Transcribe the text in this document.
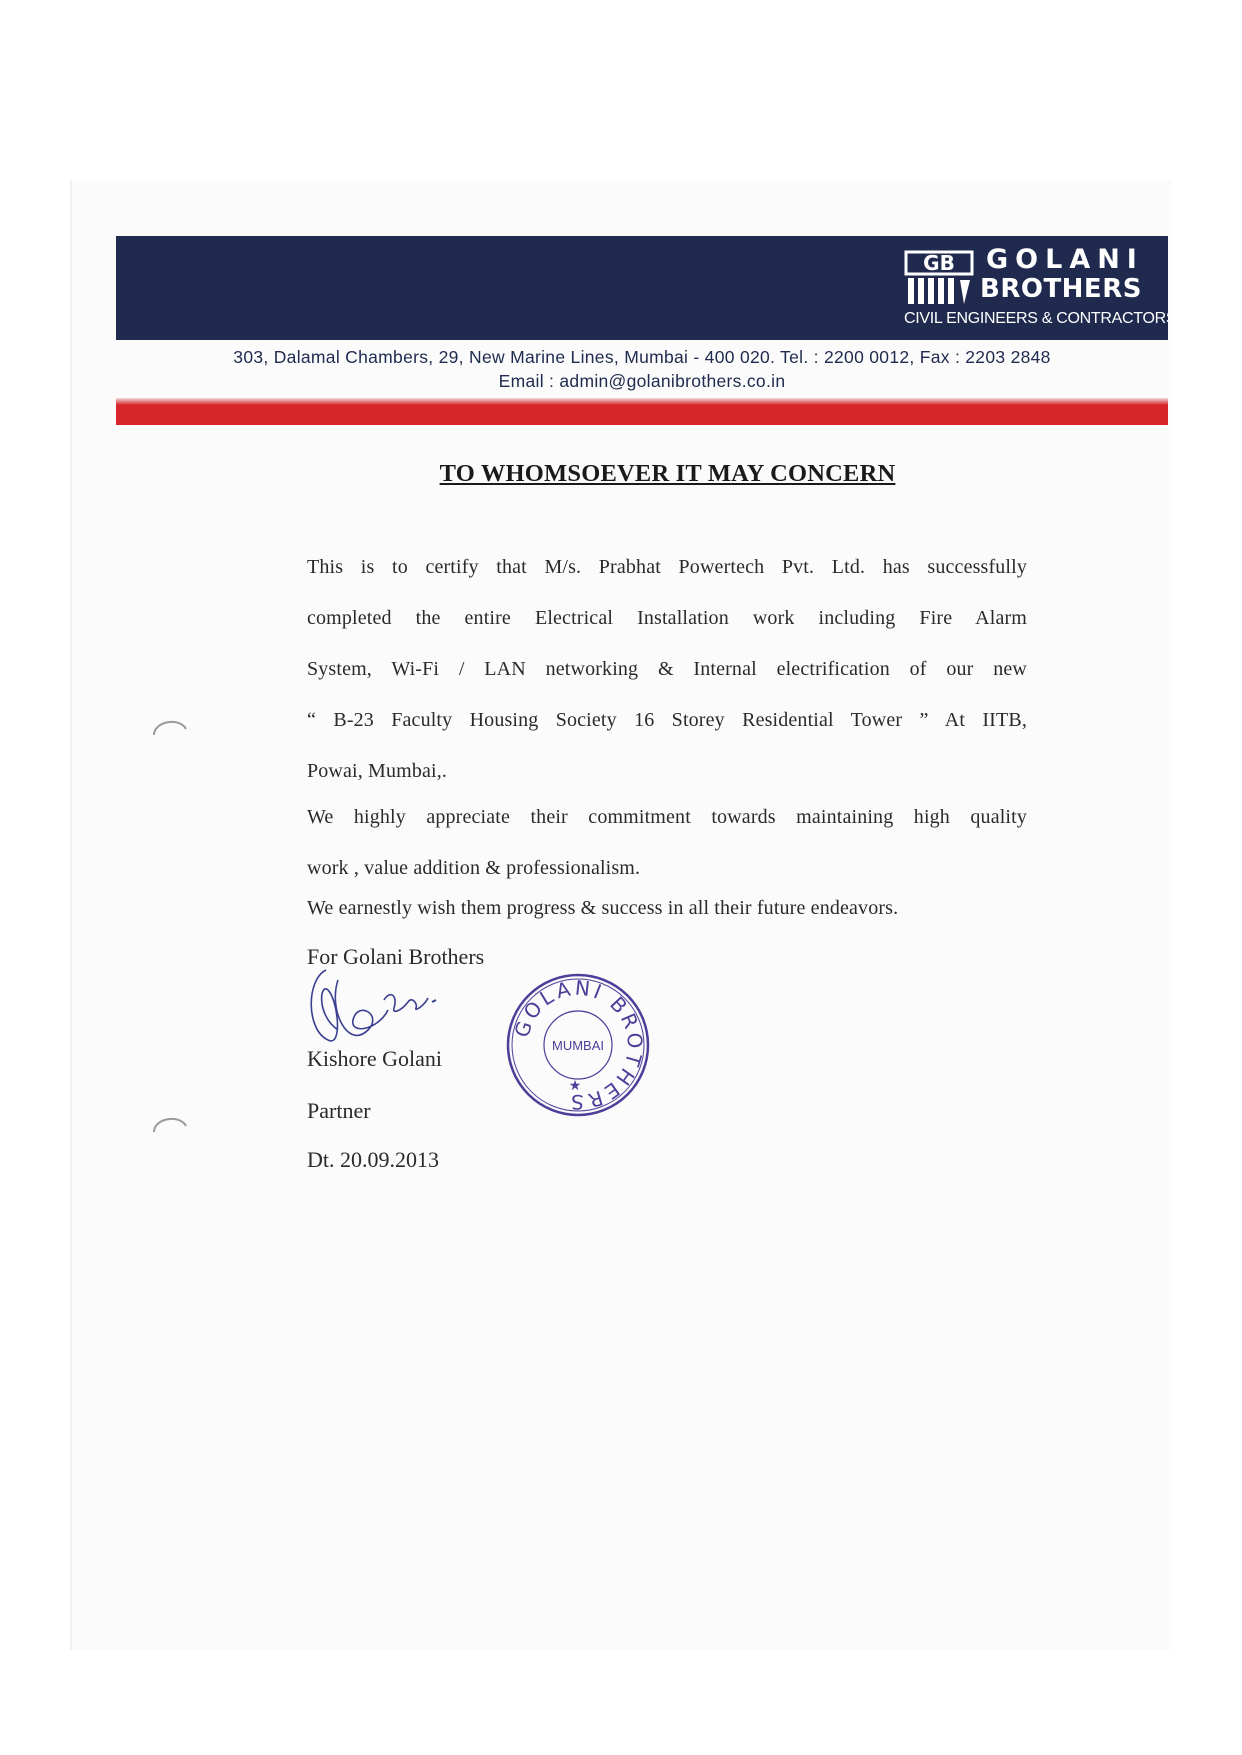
GB GOLANI
BROTHERS
CIVIL ENGINEERS & CONTRACTORS
303, Dalamal Chambers, 29, New Marine Lines, Mumbai - 400 020. Tel. : 2200 0012, Fax : 2203 2848
Email : admin@golanibrothers.co.in
TO WHOMSOEVER IT MAY CONCERN
This is to certify that M/s. Prabhat Powertech Pvt. Ltd. has successfully
completed the entire Electrical Installation work including Fire Alarm
System, Wi-Fi / LAN networking & Internal electrification of our new
“ B-23 Faculty Housing Society 16 Storey Residential Tower ” At IITB,
Powai, Mumbai,.
We highly appreciate their commitment towards maintaining high quality
work , value addition & professionalism.
We earnestly wish them progress & success in all their future endeavors.
For Golani Brothers
GOLANI BROTHERS
MUMBAI
★
Kishore Golani
Partner
Dt. 20.09.2013
